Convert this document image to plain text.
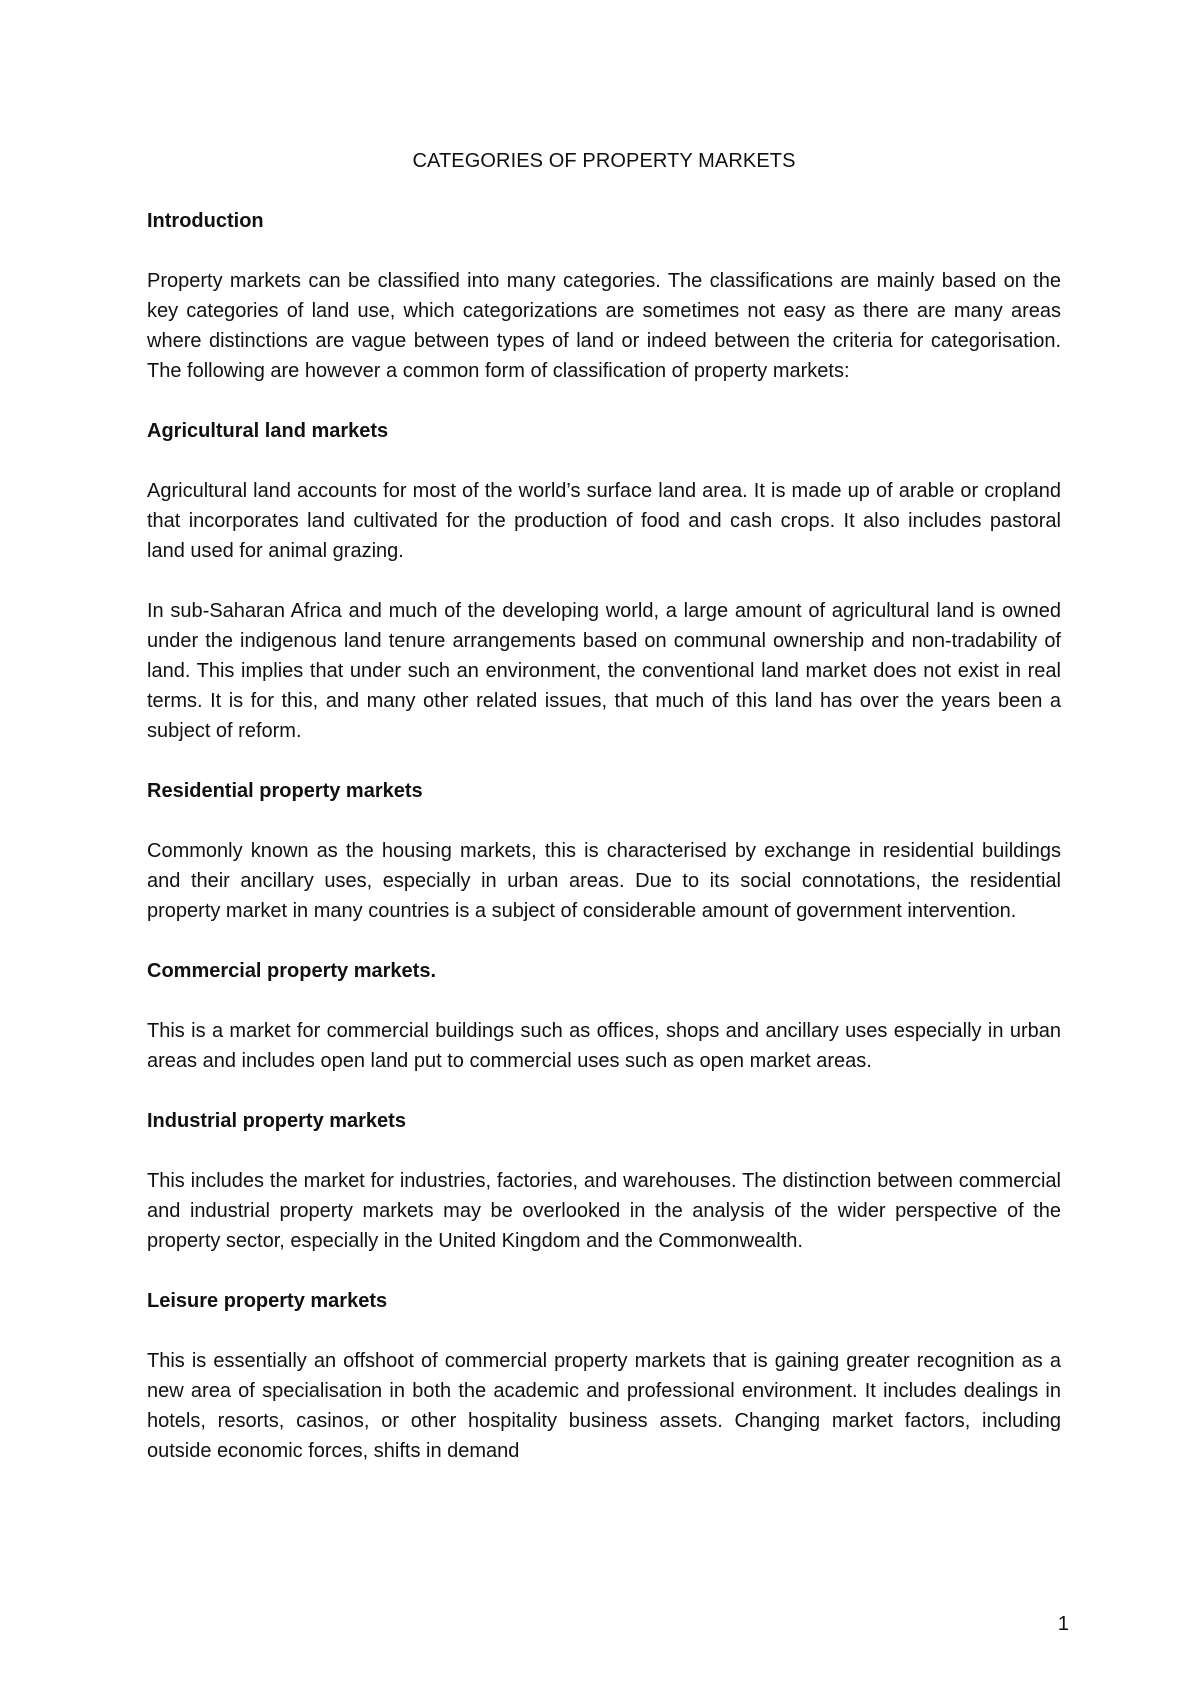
CATEGORIES OF PROPERTY MARKETS
Introduction

Property markets can be classified into many categories. The classifications are mainly based on the key categories of land use, which categorizations are sometimes not easy as there are many areas where distinctions are vague between types of land or indeed between the criteria for categorisation. The following are however a common form of classification of property markets:

Agricultural land markets

Agricultural land accounts for most of the world’s surface land area. It is made up of arable or cropland that incorporates land cultivated for the production of food and cash crops. It also includes pastoral land used for animal grazing.

In sub-Saharan Africa and much of the developing world, a large amount of agricultural land is owned under the indigenous land tenure arrangements based on communal ownership and non-tradability of land. This implies that under such an environment, the conventional land market does not exist in real terms. It is for this, and many other related issues, that much of this land has over the years been a subject of reform.

Residential property markets

Commonly known as the housing markets, this is characterised by exchange in residential buildings and their ancillary uses, especially in urban areas. Due to its social connotations, the residential property market in many countries is a subject of considerable amount of government intervention.

Commercial property markets.

This is a market for commercial buildings such as offices, shops and ancillary uses especially in urban areas and includes open land put to commercial uses such as open market areas.

Industrial property markets

This includes the market for industries, factories, and warehouses. The distinction between commercial and industrial property markets may be overlooked in the analysis of the wider perspective of the property sector, especially in the United Kingdom and the Commonwealth.

Leisure property markets

This is essentially an offshoot of commercial property markets that is gaining greater recognition as a new area of specialisation in both the academic and professional environment. It includes dealings in hotels, resorts, casinos, or other hospitality business assets. Changing market factors, including outside economic forces, shifts in demand

1
